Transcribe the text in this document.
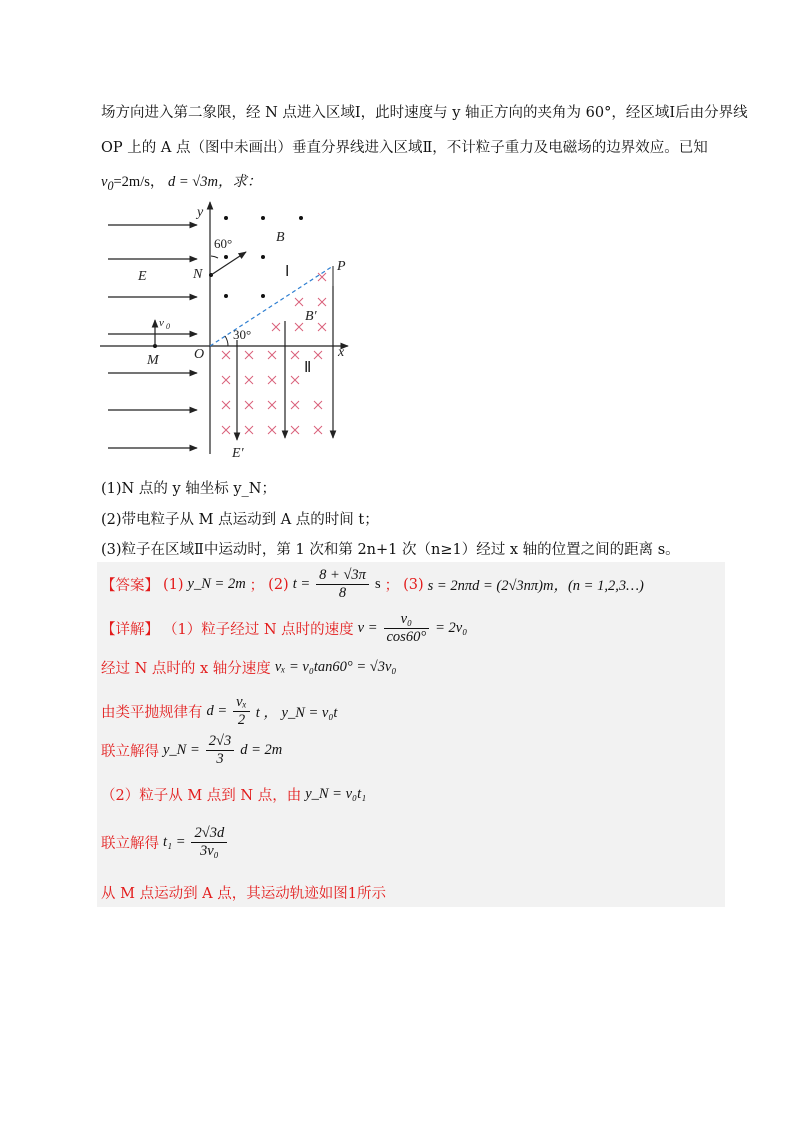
场方向进入第二象限，经 N 点进入区域Ⅰ，此时速度与 y 轴正方向的夹角为 60°，经区域Ⅰ后由分界线
OP 上的 A 点（图中未画出）垂直分界线进入区域Ⅱ，不计粒子重力及电磁场的边界效应。已知
$v_0=2m/s$， d = √3m，求：
y
x
O
N
M
P
E
E′
B
B′
v 0
60°
30°
Ⅰ
Ⅱ
(1)N 点的 y 轴坐标 y_N；
(2)带电粒子从 M 点运动到 A 点的时间 t；
(3)粒子在区域Ⅱ中运动时，第 1 次和第 2n+1 次（n≥1）经过 x 轴的位置之间的距离 s。
【答案】 (1) y_N = 2m ； (2) $t = \frac{8 + √3\pi}{8}$ s ； (3) s = 2nπd = (2√3nπ)m，(n = 1,2,3…)
【详解】 （1）粒子经过 N 点时的速度 $v = \frac{\text{v₀}}{\cos 60^\circ} = 2v_0$
经过 N 点时的 x 轴分速度 vₓ = v₀tan60° = √3v₀
由类平抛规律有 $d = \frac{\text{vₓ}}{2}$ t ， y_N = v₀t
联立解得 y_N = $\frac{2√3}{3}$ d = 2m
（2）粒子从 M 点到 N 点，由 y_N = v₀t₁
联立解得 $t_1 = \frac{2√3d}{\text{3v₀}}$
从 M 点运动到 A 点，其运动轨迹如图1所示
